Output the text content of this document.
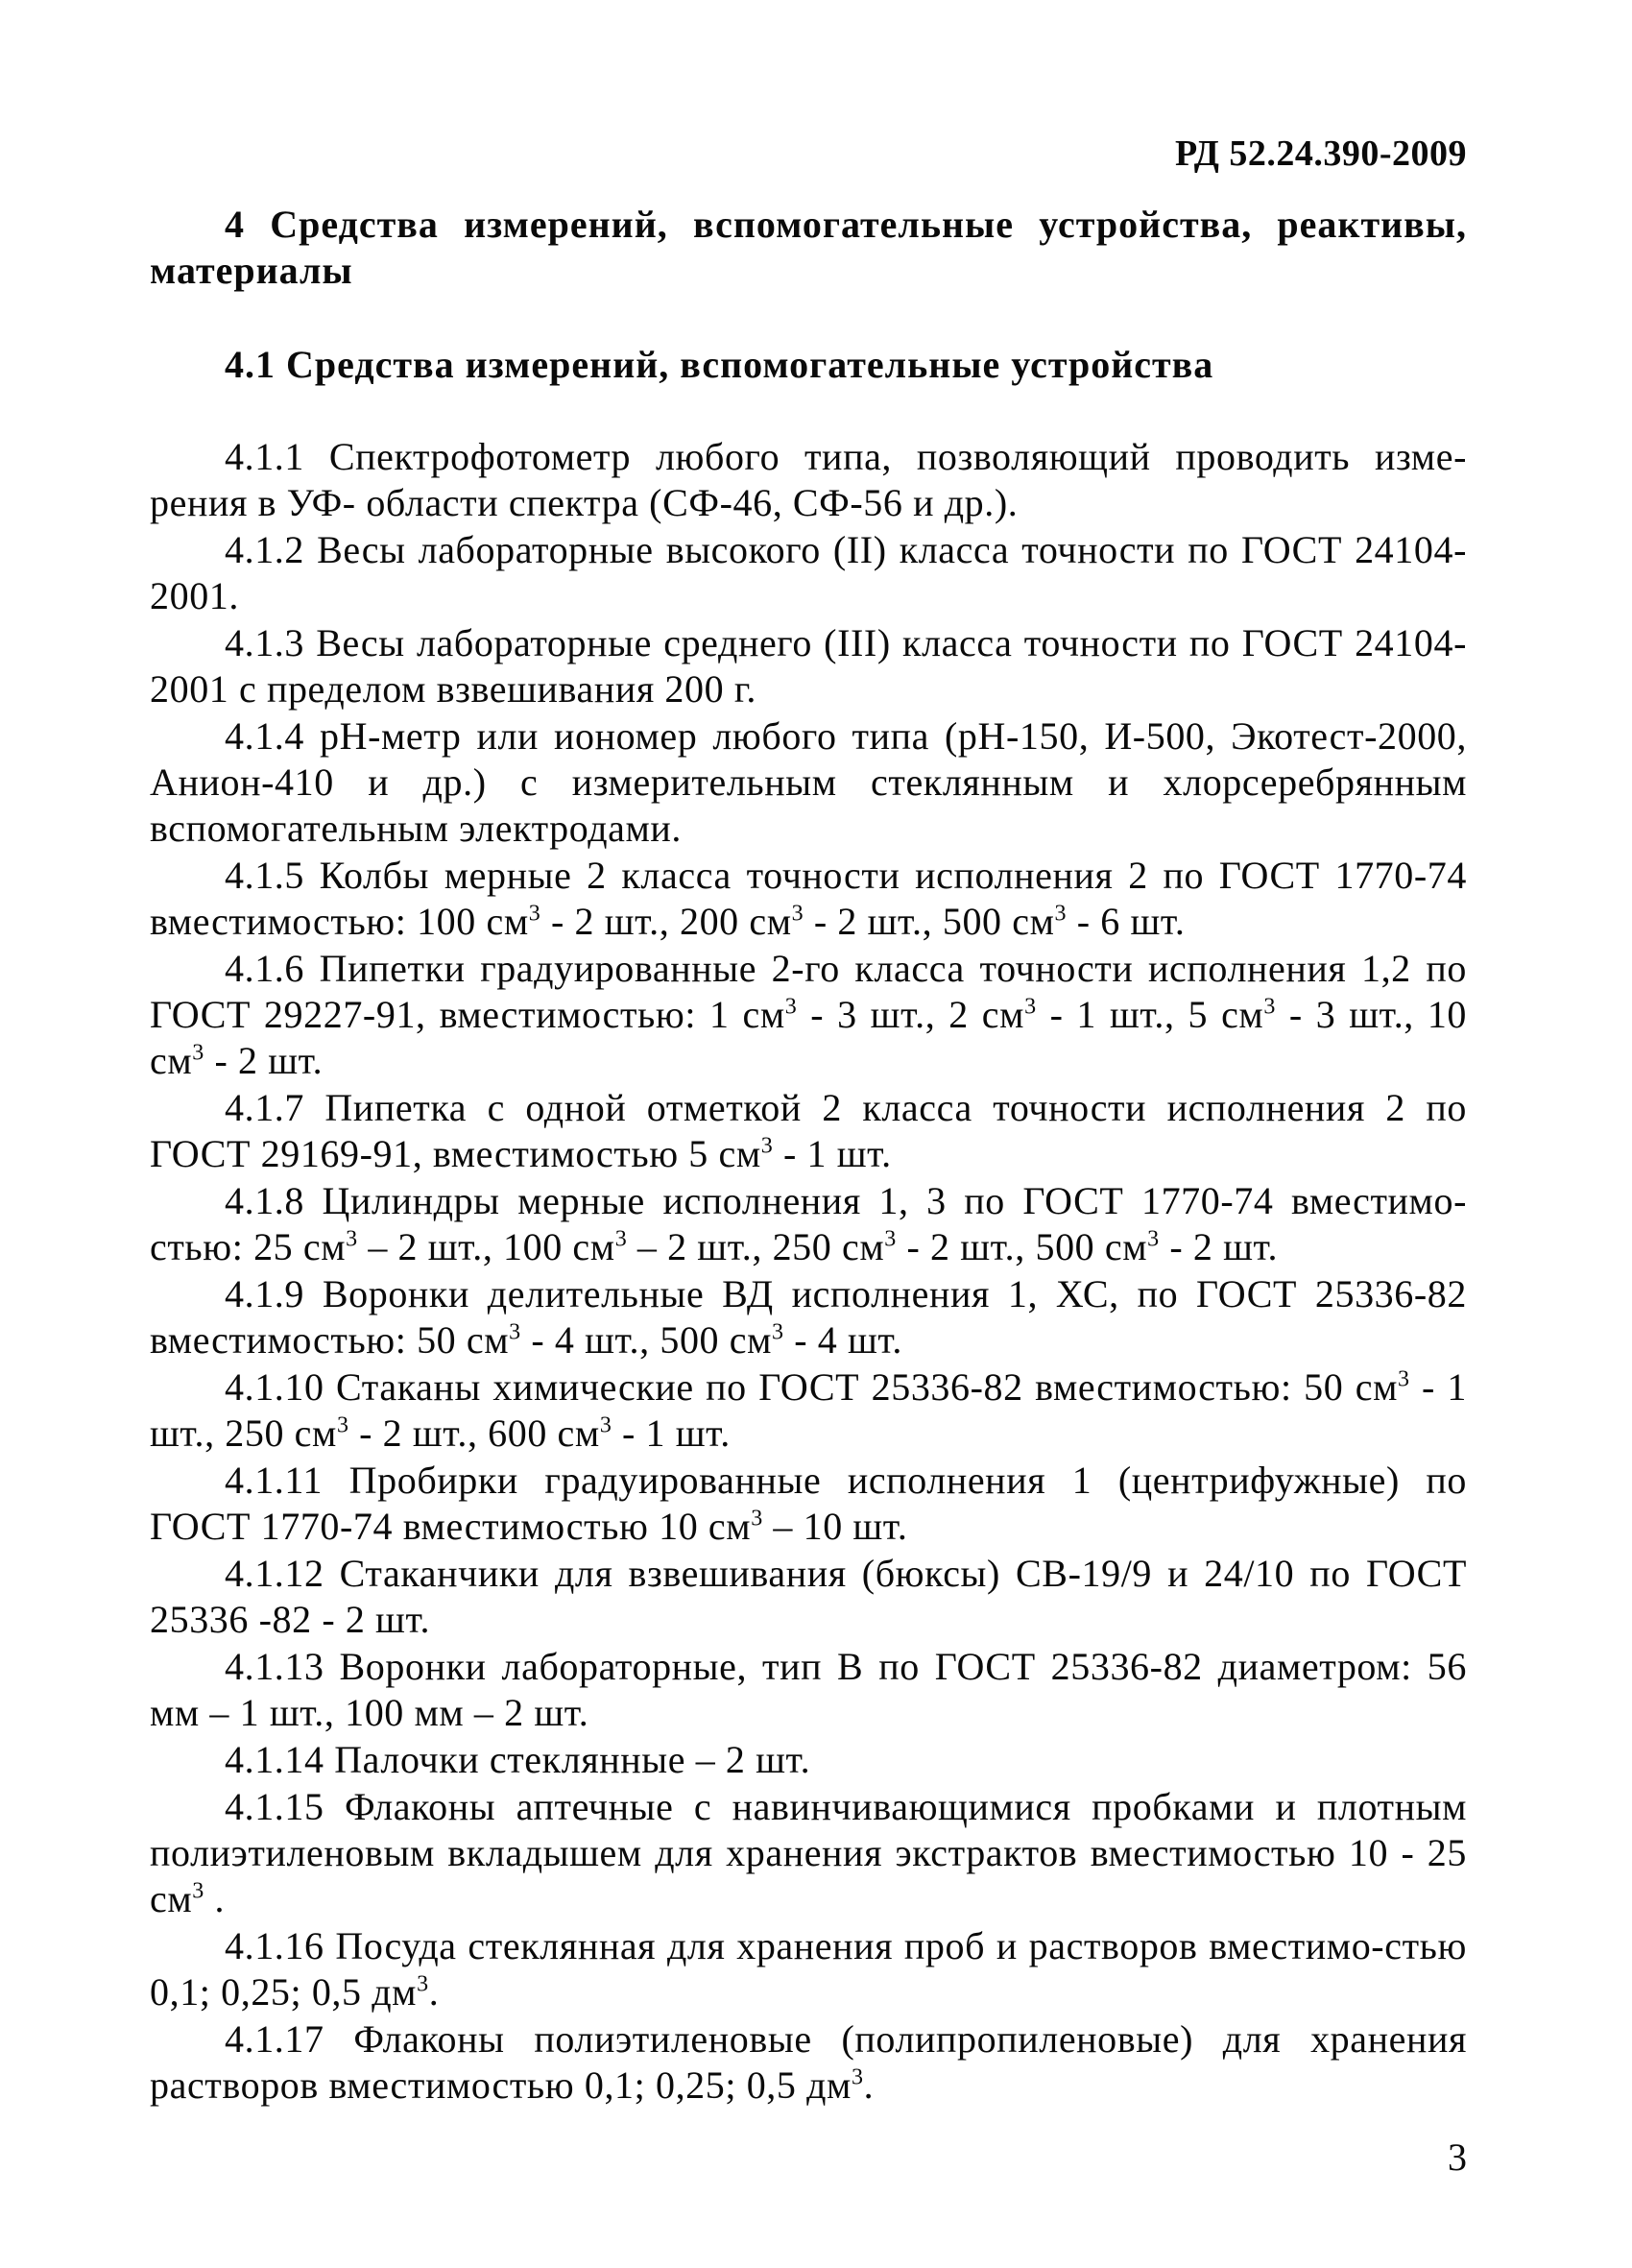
РД 52.24.390-2009

4 Средства измерений, вспомогательные устройства, реактивы, материалы

4.1 Средства измерений, вспомогательные устройства

4.1.1 Спектрофотометр любого типа, позволяющий проводить изме-рения в УФ- области спектра (СФ-46, СФ-56 и др.).

4.1.2 Весы лабораторные высокого (II) класса точности по ГОСТ 24104-2001.

4.1.3 Весы лабораторные среднего (III) класса точности по ГОСТ 24104-2001 с пределом взвешивания 200 г.

4.1.4 рН-метр или иономер любого типа (рН-150, И-500, Экотест-2000, Анион-410 и др.) с измерительным стеклянным и хлорсеребрянным вспомогательным электродами.

4.1.5 Колбы мерные 2 класса точности исполнения 2 по ГОСТ 1770-74 вместимостью: 100 $см^3 - 2$ шт., 200 $см^3 - 2$ шт., 500 $см^3 - 6$ шт.

4.1.6 Пипетки градуированные 2-го класса точности исполнения 1,2 по ГОСТ 29227-91, вместимостью: 1 $см^3 - 3$ шт., 2 $см^3 - 1$ шт., 5 $см^3 - 3$ шт., 10 $см^3 - 2$ шт.

4.1.7 Пипетка с одной отметкой 2 класса точности исполнения 2 по ГОСТ 29169-91, вместимостью 5 $см^3 - 1$ шт.

4.1.8 Цилиндры мерные исполнения 1, 3 по ГОСТ 1770-74 вместимо-стью: 25 $см^3 - 2$ шт., 100 $см^3 - 2$ шт., 250 $см^3 - 2$ шт., 500 $см^3 - 2$ шт.

4.1.9 Воронки делительные ВД исполнения 1, ХС, по ГОСТ 25336-82 вместимостью: 50 $см^3 - 4$ шт., 500 $см^3 - 4$ шт.

4.1.10 Стаканы химические по ГОСТ 25336-82 вместимостью: 50 $см^3 - 1$ шт., 250 $см^3 - 2$ шт., 600 $см^3 - 1$ шт.

4.1.11 Пробирки градуированные исполнения 1 (центрифужные) по ГОСТ 1770-74 вместимостью 10 $см^3 - 10$ шт.

4.1.12 Стаканчики для взвешивания (бюксы) СВ-19/9 и 24/10 по ГОСТ 25336 -82 - 2 шт.

4.1.13 Воронки лабораторные, тип В по ГОСТ 25336-82 диаметром: 56 мм – 1 шт., 100 мм – 2 шт.

4.1.14 Палочки стеклянные – 2 шт.

4.1.15 Флаконы аптечные с навинчивающимися пробками и плотным полиэтиленовым вкладышем для хранения экстрактов вместимостью 10 - 25 $см^3$ .

4.1.16 Посуда стеклянная для хранения проб и растворов вместимо-стью 0,1; 0,25; 0,5 $дм^3$.

4.1.17 Флаконы полиэтиленовые (полипропиленовые) для хранения растворов вместимостью 0,1; 0,25; 0,5 $дм^3$.

3
